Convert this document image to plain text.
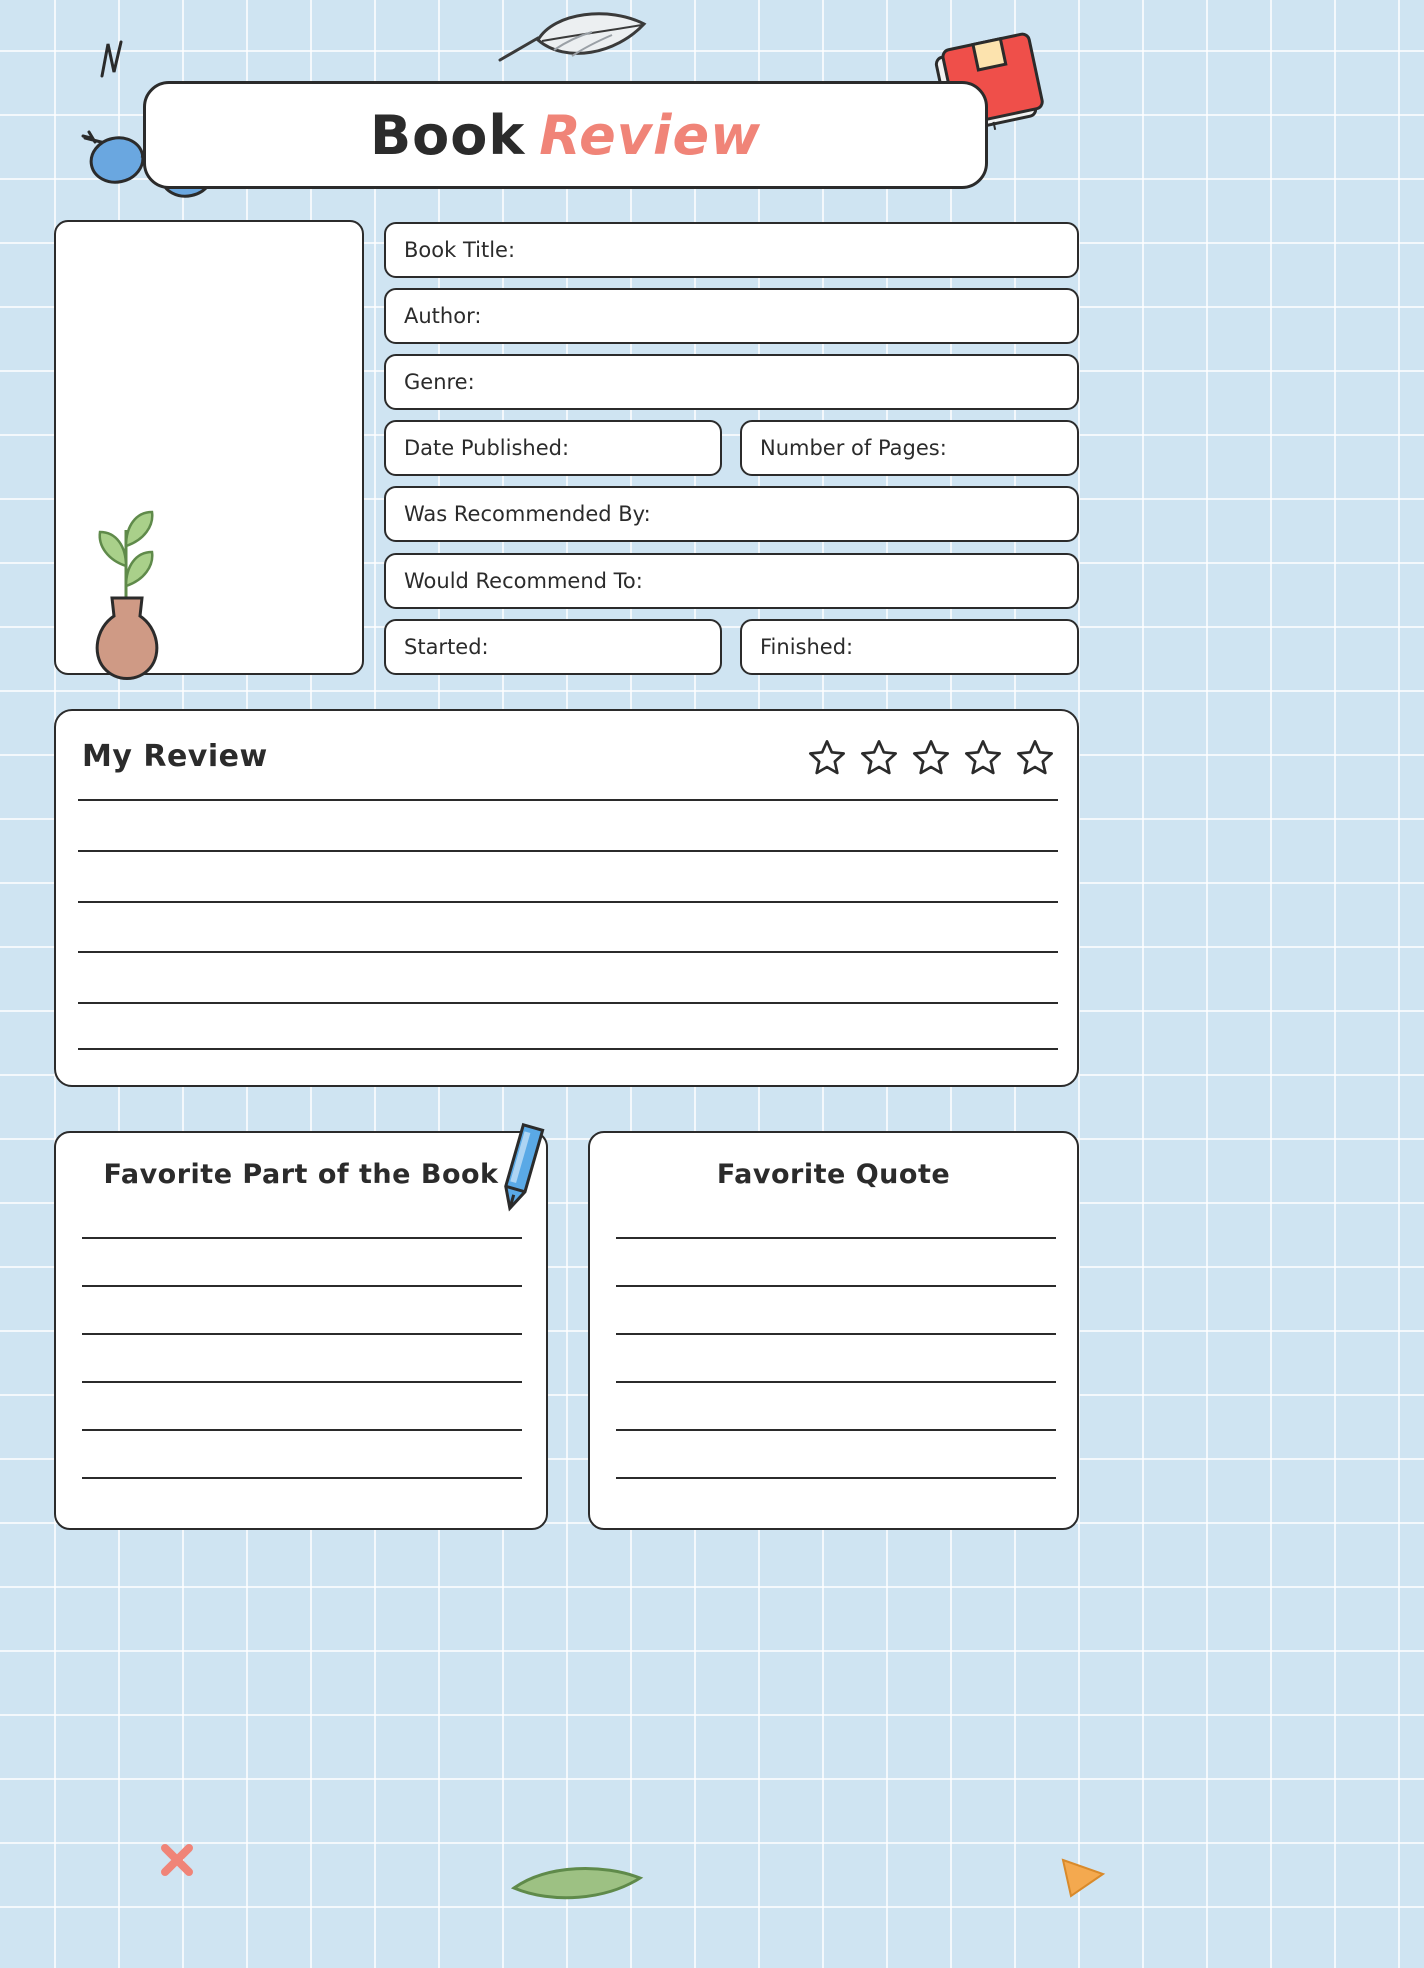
Book Review
Book Title:
Author:
Genre:
Date Published:	Number of Pages:
Was Recommended By:
Would Recommend To:
Started:	Finished:
My Review
Favorite Part of the Book	Favorite Quote
